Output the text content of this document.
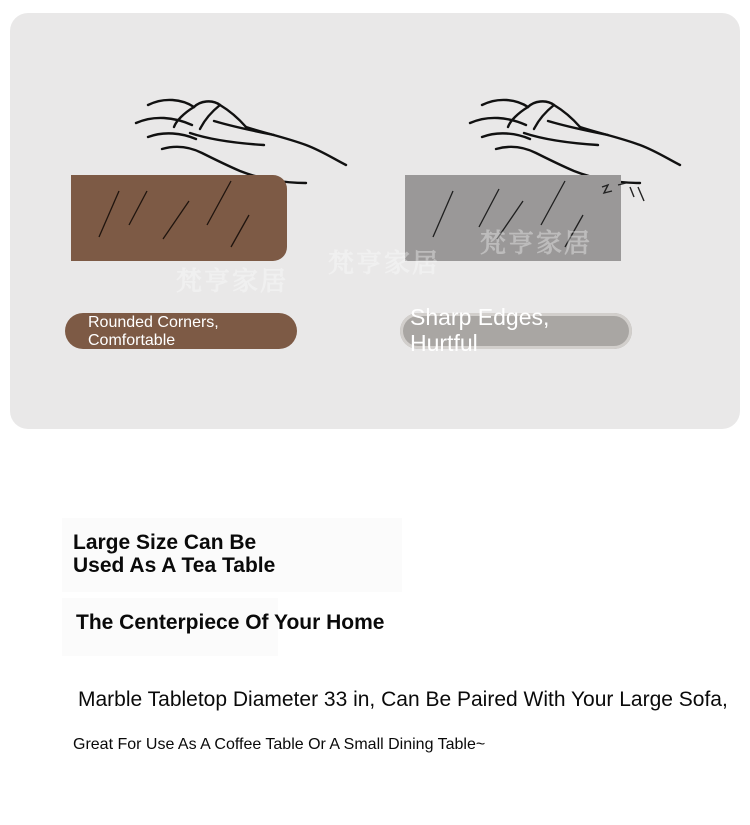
梵亨家居
梵亨家居
梵亨家居
Rounded Corners, Comfortable
Sharp Edges, Hurtful
Large Size Can Be Used As A Tea Table
The Centerpiece Of Your Home
Marble Tabletop Diameter 33 in, Can Be Paired With Your Large Sofa,
Great For Use As A Coffee Table Or A Small Dining Table~
